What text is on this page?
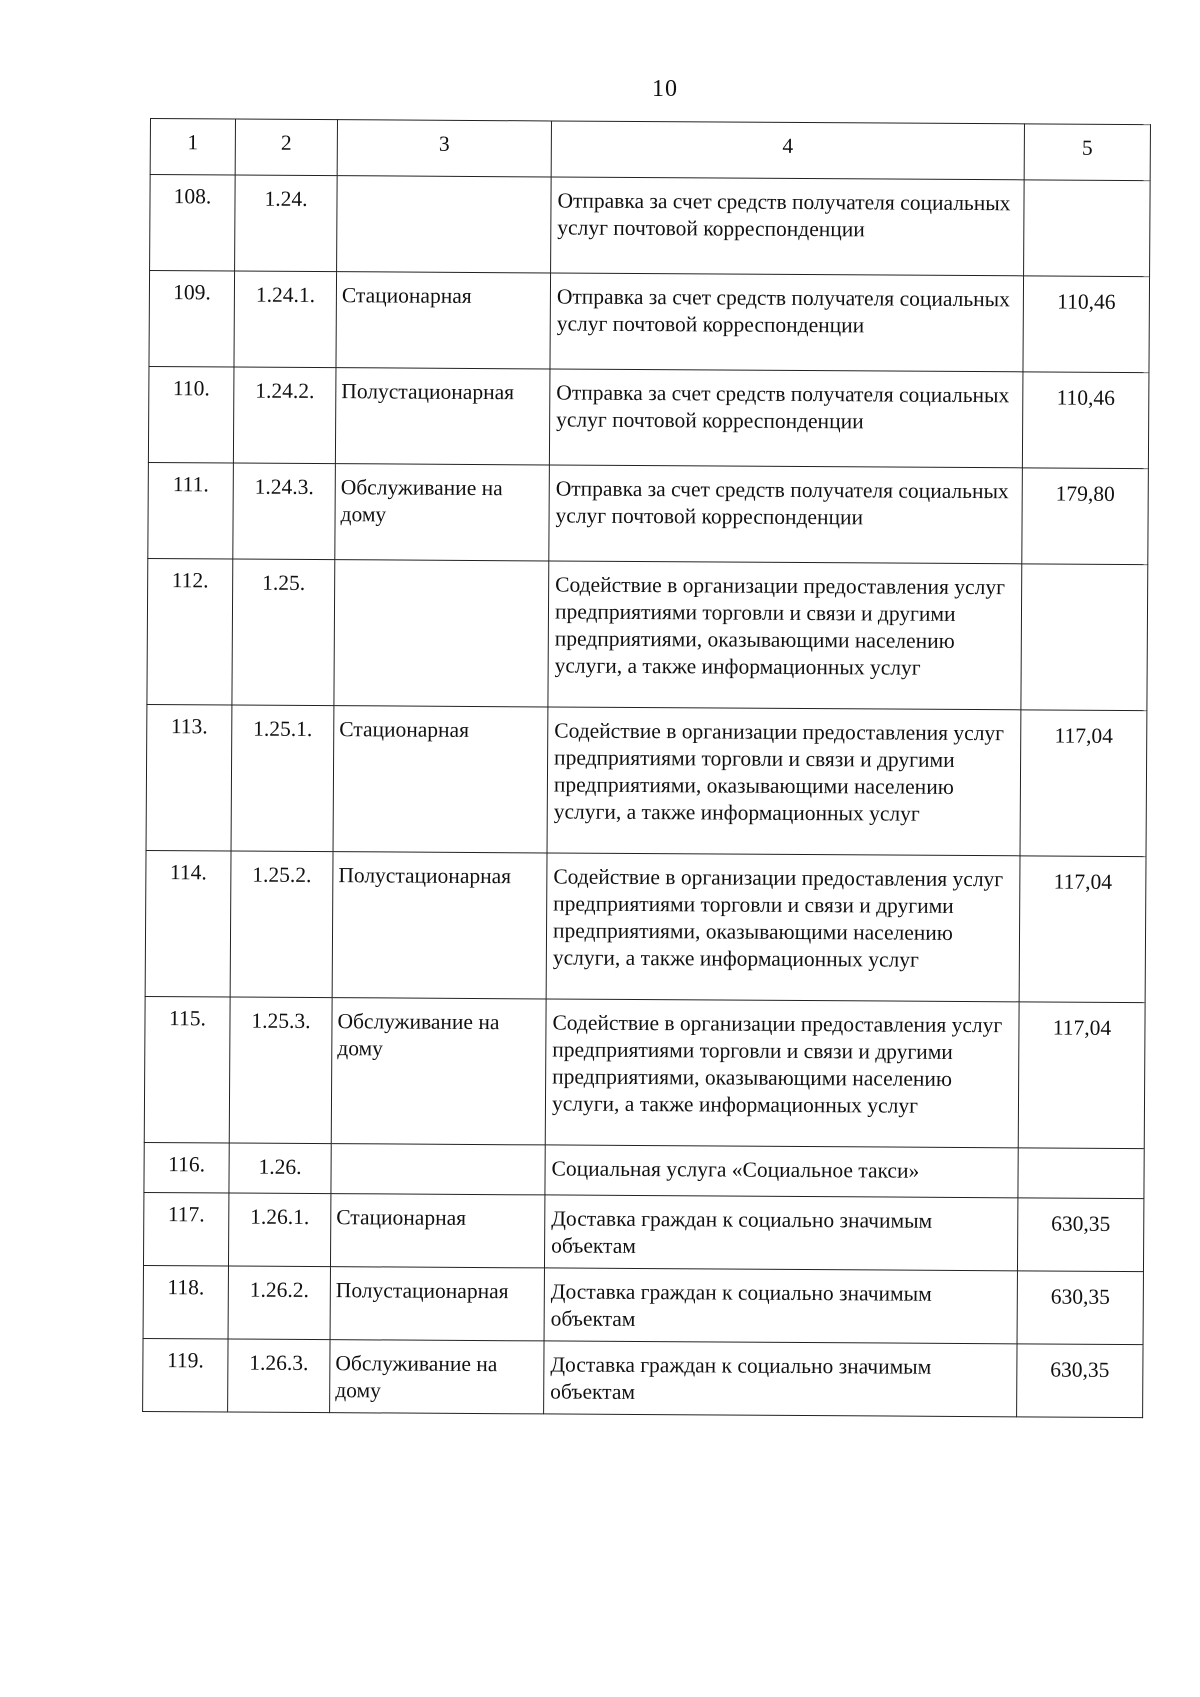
10
1	2	3	4	5
108.	1.24.		Отправка за счет средств получателя социальных услуг почтовой корреспонденции	
109.	1.24.1.	Стационарная	Отправка за счет средств получателя социальных услуг почтовой корреспонденции	110,46
110.	1.24.2.	Полустационарная	Отправка за счет средств получателя социальных услуг почтовой корреспонденции	110,46
111.	1.24.3.	Обслуживание на дому	Отправка за счет средств получателя социальных услуг почтовой корреспонденции	179,80
112.	1.25.		Содействие в организации предоставления услуг предприятиями торговли и связи и другими предприятиями, оказывающими населению услуги, а также информационных услуг	
113.	1.25.1.	Стационарная	Содействие в организации предоставления услуг предприятиями торговли и связи и другими предприятиями, оказывающими населению услуги, а также информационных услуг	117,04
114.	1.25.2.	Полустационарная	Содействие в организации предоставления услуг предприятиями торговли и связи и другими предприятиями, оказывающими населению услуги, а также информационных услуг	117,04
115.	1.25.3.	Обслуживание на дому	Содействие в организации предоставления услуг предприятиями торговли и связи и другими предприятиями, оказывающими населению услуги, а также информационных услуг	117,04
116.	1.26.		Социальная услуга «Социальное такси»	
117.	1.26.1.	Стационарная	Доставка граждан к социально значимым объектам	630,35
118.	1.26.2.	Полустационарная	Доставка граждан к социально значимым объектам	630,35
119.	1.26.3.	Обслуживание на дому	Доставка граждан к социально значимым объектам	630,35
